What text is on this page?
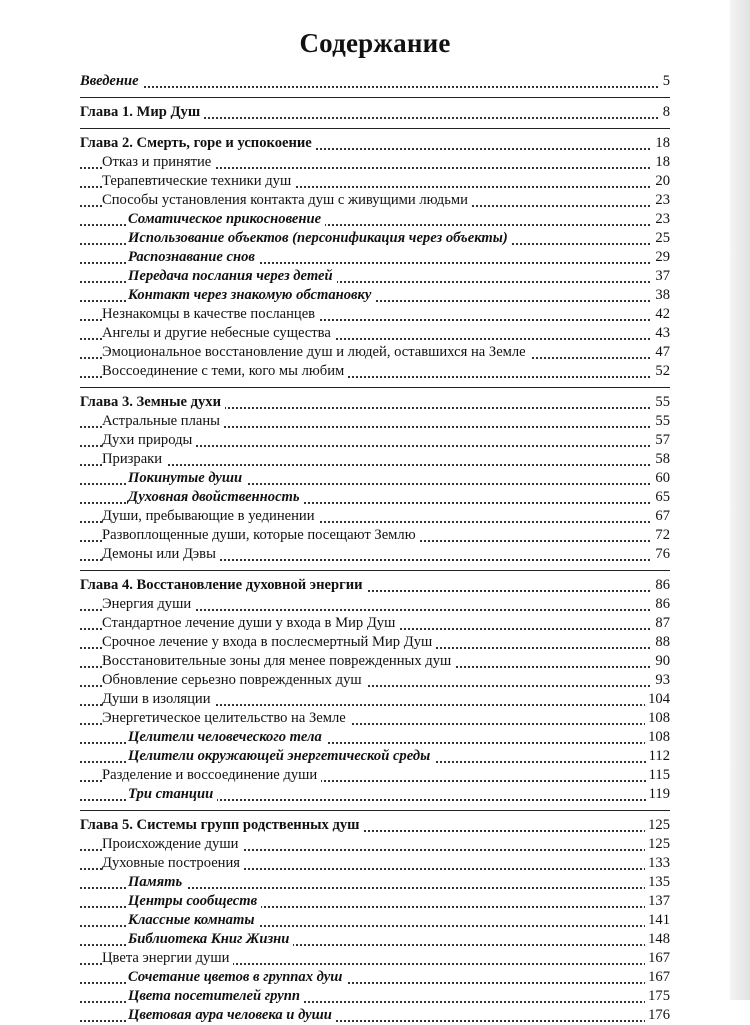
Содержание
Введение	5
Глава 1. Мир Душ	8
Глава 2. Смерть, горе и успокоение	18
Отказ и принятие	18
Терапевтические техники душ	20
Способы установления контакта душ с живущими людьми	23
Соматическое прикосновение	23
Использование объектов (персонификация через объекты)	25
Распознавание снов	29
Передача послания через детей	37
Контакт через знакомую обстановку	38
Незнакомцы в качестве посланцев	42
Ангелы и другие небесные существа	43
Эмоциональное восстановление душ и людей, оставшихся на Земле	47
Воссоединение с теми, кого мы любим	52
Глава 3. Земные духи	55
Астральные планы	55
Духи природы	57
Призраки	58
Покинутые души	60
Духовная двойственность	65
Души, пребывающие в уединении	67
Развоплощенные души, которые посещают Землю	72
Демоны или Дэвы	76
Глава 4. Восстановление духовной энергии	86
Энергия души	86
Стандартное лечение души у входа в Мир Душ	87
Срочное лечение у входа в послесмертный Мир Душ	88
Восстановительные зоны для менее поврежденных душ	90
Обновление серьезно поврежденных душ	93
Души в изоляции	104
Энергетическое целительство на Земле	108
Целители человеческого тела	108
Целители окружающей энергетической среды	112
Разделение и воссоединение души	115
Три станции	119
Глава 5. Системы групп родственных душ	125
Происхождение души	125
Духовные построения	133
Память	135
Центры сообществ	137
Классные комнаты	141
Библиотека Книг Жизни	148
Цвета энергии души	167
Сочетание цветов в группах душ	167
Цвета посетителей групп	175
Цветовая аура человека и души	176
